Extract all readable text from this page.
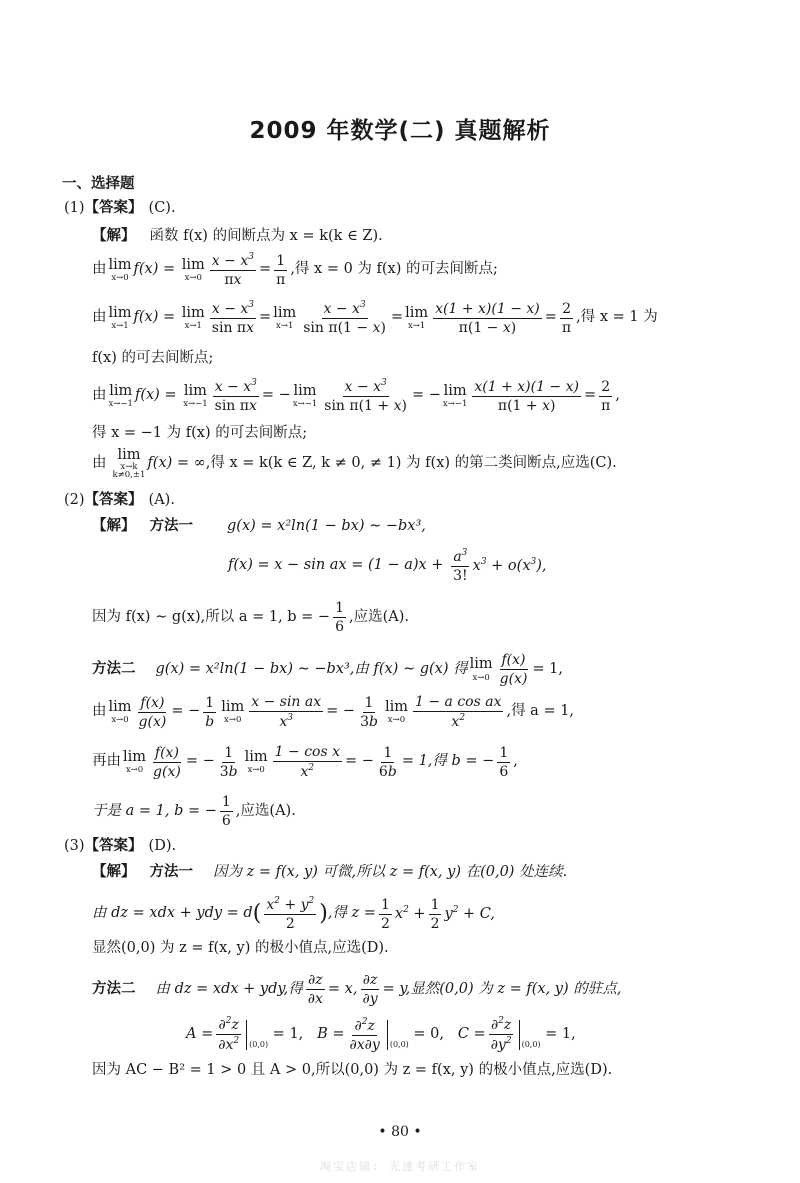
2009 年数学(二) 真题解析
一、选择题
(1) 【答案】 (C).
【解】 函数 f(x) 的间断点为 x = k(k ∈ Z).
由 lim
x→0
f(x) = lim
$x\to 0 \frac{x - x^3}{\pi x} = \frac{1}{\pi}$ ,得 x = 0 为 f(x) 的可去间断点;
由 lim
x→1
f(x) = lim
$x\to 1 \frac{x - x^3}{\text{sin πx}} = \lim$
$x\to 1 \frac{x - x^3}{\text{sin π(1 − x)}} = \lim$
$x\to 1 \frac{x(1 + x)(1 - x)}{\pi(1 - x)} = \frac{2}{\pi}$ ,得 x = 1 为
f(x) 的可去间断点;
由 lim
x→−1
f(x) = lim
$x\to-1 \frac{x - x^3}{\text{sin πx}}$ = − lim
$x\to-1 \frac{x - x^3}{\text{sin π(1 + x)}}$ = − lim
$x\to-1 \frac{x(1 + x)(1 - x)}{\pi(1 + x)} = \frac{2}{\pi}$ ,
得 x = −1 为 f(x) 的可去间断点;
由
lim
x→k
k≠0,±1
f(x) = ∞ ,得 x = k(k ∈ Z, k ≠ 0, ≠ 1) 为 f(x) 的第二类间断点,应选(C).
(2) 【答案】 (A).
【解】 方法一 g(x) = x²ln(1 − bx) ∼ −bx³,
f(x) = x − sin ax = $(1 - a)x + \frac{a^3}{3!} x^3 + o(x^3)$,
因为 f(x) ∼ g(x),所以 a = 1, b = − $\frac{1}{6}$ ,应选(A).
方法二 g(x) = x²ln(1 − bx) ∼ −bx³,由 f(x) ∼ g(x) 得 lim
$x\to 0 \frac{f(x)}{g(x)} = 1$,
由 lim
$x\to 0 \frac{f(x)}{g(x)}$ = − $\frac{1}{b}$ lim
$x\to 0 \frac{\text{x − sin ax}}{x^3}$ = − $\frac{1}{3b}$ lim
$x\to 0 \frac{\text{1 − a cos ax}}{x^2}$ ,得 a = 1,
再由 lim
$x\to 0 \frac{f(x)}{g(x)}$ = − $\frac{1}{3b}$ lim
$x\to 0 \frac{\text{1 − cos x}}{x^2}$ = − $\frac{1}{6b} = 1$,得 b = − $\frac{1}{6}$ ,
于是 a = 1, b = − $\frac{1}{6}$ ,应选(A).
(3) 【答案】 (D).
【解】 方法一 因为 z = f(x, y) 可微,所以 z = f(x, y) 在(0,0) 处连续.
由 dz = xdx + ydy = d ( $\frac{x^2 + y^2}{2}$ ) ,得 $z = \frac{1}{2} x^2 + \frac{1}{2} y^2 + C$,
显然(0,0) 为 z = f(x, y) 的极小值点,应选(D).
方法二 由 dz = xdx + ydy,得 $\frac{\partial z}{\partial x} = x$, $\frac{\partial z}{\partial y} = y$,显然(0,0) 为 z = f(x, y) 的驻点,
$A = \frac{\partial^2z}{\partial x^2} (0,0)$
= 1, $B = \frac{\partial^2z}{\partial x\partial y} (0,0)$
= 0, $C = \frac{\partial^2z}{\partial y^2} (0,0)$
= 1,
因为 AC − B² = 1 > 0 且 A > 0,所以(0,0) 为 z = f(x, y) 的极小值点,应选(D).
• 80 •
淘宝店铺: 光速考研工作室
